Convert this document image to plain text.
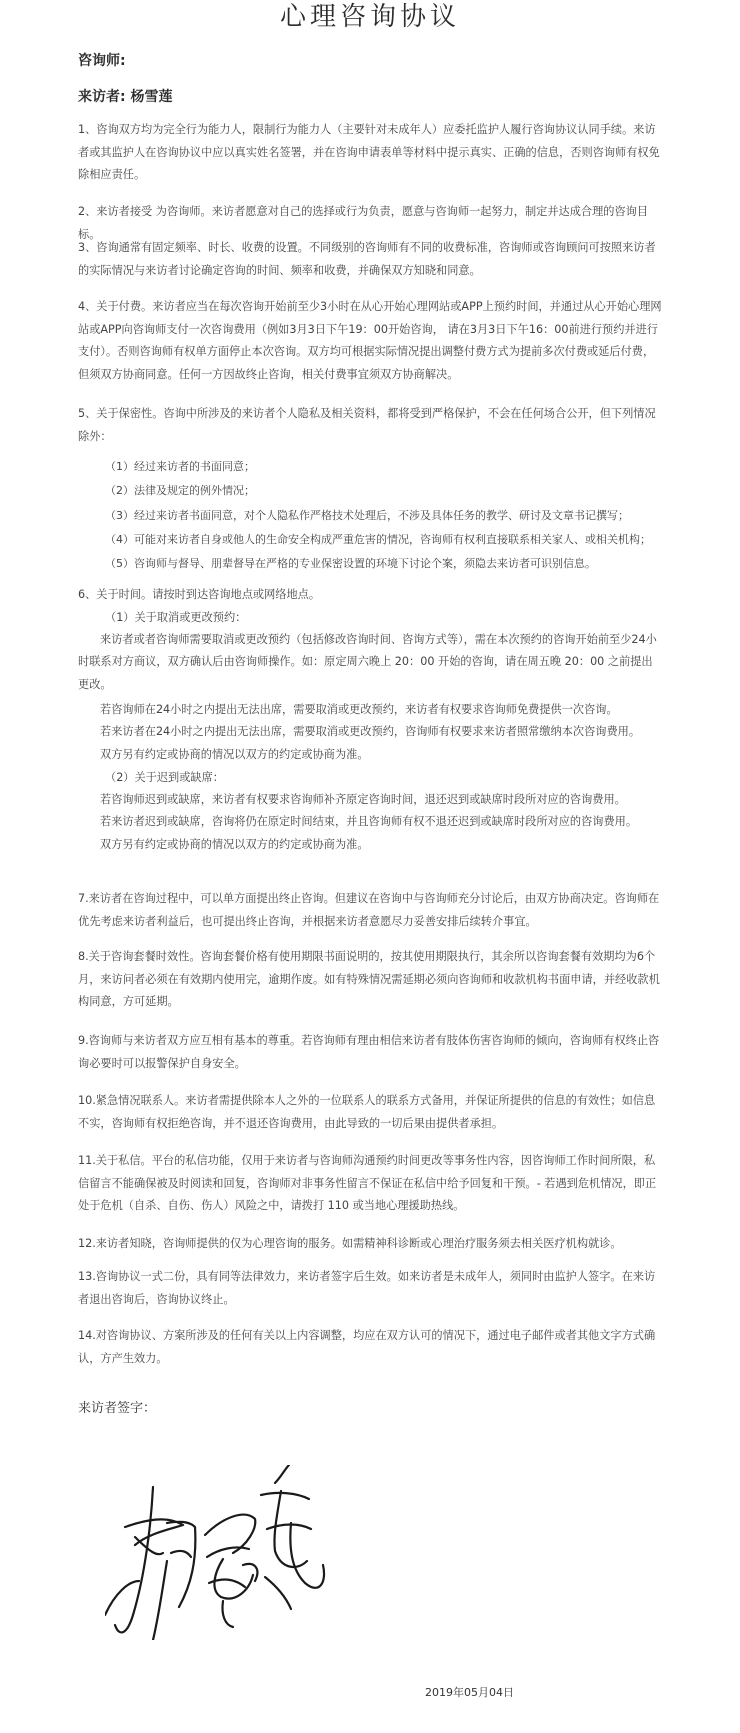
心理咨询协议
咨询师:
来访者: 杨雪莲

1、咨询双方均为完全行为能力人，限制行为能力人（主要针对未成年人）应委托监护人履行咨询协议认同手续。来访者或其监护人在咨询协议中应以真实姓名签署，并在咨询申请表单等材料中提示真实、正确的信息，否则咨询师有权免除相应责任。

2、来访者接受 为咨询师。来访者愿意对自己的选择或行为负责，愿意与咨询师一起努力，制定并达成合理的咨询目标。

3、咨询通常有固定频率、时长、收费的设置。不同级别的咨询师有不同的收费标准，咨询师或咨询顾问可按照来访者的实际情况与来访者讨论确定咨询的时间、频率和收费，并确保双方知晓和同意。

4、关于付费。来访者应当在每次咨询开始前至少3小时在从心开始心理网站或APP上预约时间，并通过从心开始心理网站或APP向咨询师支付一次咨询费用（例如3月3日下午19：00开始咨询， 请在3月3日下午16：00前进行预约并进行支付）。否则咨询师有权单方面停止本次咨询。双方均可根据实际情况提出调整付费方式为提前多次付费或延后付费，但须双方协商同意。任何一方因故终止咨询，相关付费事宜须双方协商解决。

5、关于保密性。咨询中所涉及的来访者个人隐私及相关资料，都将受到严格保护，不会在任何场合公开，但下列情况除外：

（1）经过来访者的书面同意；

（2）法律及规定的例外情况；

（3）经过来访者书面同意，对个人隐私作严格技术处理后，不涉及具体任务的教学、研讨及文章书记撰写；

（4）可能对来访者自身或他人的生命安全构成严重危害的情况，咨询师有权利直接联系相关家人、或相关机构；

（5）咨询师与督导、朋辈督导在严格的专业保密设置的环境下讨论个案，须隐去来访者可识别信息。

6、关于时间。请按时到达咨询地点或网络地点。

（1）关于取消或更改预约：

来访者或者咨询师需要取消或更改预约（包括修改咨询时间、咨询方式等），需在本次预约的咨询开始前至少24小时联系对方商议，双方确认后由咨询师操作。如：原定周六晚上 20：00 开始的咨询，请在周五晚 20：00 之前提出更改。

若咨询师在24小时之内提出无法出席，需要取消或更改预约，来访者有权要求咨询师免费提供一次咨询。

若来访者在24小时之内提出无法出席，需要取消或更改预约，咨询师有权要求来访者照常缴纳本次咨询费用。

双方另有约定或协商的情况以双方的约定或协商为准。

（2）关于迟到或缺席：

若咨询师迟到或缺席，来访者有权要求咨询师补齐原定咨询时间，退还迟到或缺席时段所对应的咨询费用。

若来访者迟到或缺席，咨询将仍在原定时间结束，并且咨询师有权不退还迟到或缺席时段所对应的咨询费用。

双方另有约定或协商的情况以双方的约定或协商为准。

7.来访者在咨询过程中，可以单方面提出终止咨询。但建议在咨询中与咨询师充分讨论后，由双方协商决定。咨询师在优先考虑来访者利益后，也可提出终止咨询，并根据来访者意愿尽力妥善安排后续转介事宜。

8.关于咨询套餐时效性。咨询套餐价格有使用期限书面说明的，按其使用期限执行，其余所以咨询套餐有效期均为6个月，来访问者必须在有效期内使用完，逾期作废。如有特殊情况需延期必须向咨询师和收款机构书面申请，并经收款机构同意，方可延期。

9.咨询师与来访者双方应互相有基本的尊重。若咨询师有理由相信来访者有肢体伤害咨询师的倾向，咨询师有权终止咨询必要时可以报警保护自身安全。

10.紧急情况联系人。来访者需提供除本人之外的一位联系人的联系方式备用，并保证所提供的信息的有效性；如信息不实，咨询师有权拒绝咨询，并不退还咨询费用，由此导致的一切后果由提供者承担。

11.关于私信。平台的私信功能，仅用于来访者与咨询师沟通预约时间更改等事务性内容，因咨询师工作时间所限，私信留言不能确保被及时阅读和回复，咨询师对非事务性留言不保证在私信中给予回复和干预。- 若遇到危机情况，即正处于危机（自杀、自伤、伤人）风险之中，请拨打 110 或当地心理援助热线。

12.来访者知晓，咨询师提供的仅为心理咨询的服务。如需精神科诊断或心理治疗服务须去相关医疗机构就诊。

13.咨询协议一式二份，具有同等法律效力，来访者签字后生效。如来访者是未成年人，须同时由监护人签字。在来访者退出咨询后，咨询协议终止。

14.对咨询协议、方案所涉及的任何有关以上内容调整，均应在双方认可的情况下，通过电子邮件或者其他文字方式确认，方产生效力。

来访者签字：
2019年05月04日
